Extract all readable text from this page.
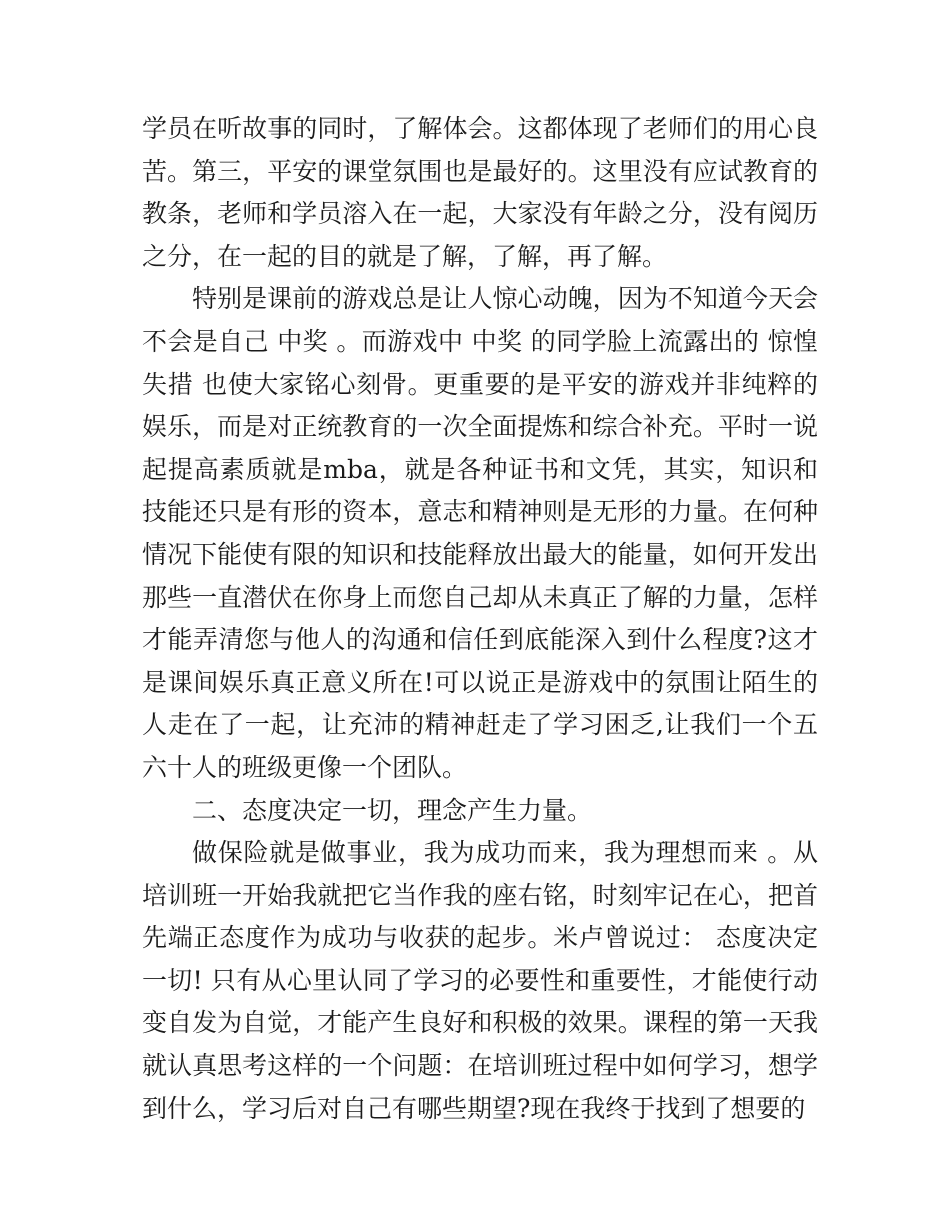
学员在听故事的同时，了解体会。这都体现了老师们的用心良苦。第三，平安的课堂氛围也是最好的。这里没有应试教育的教条，老师和学员溶入在一起，大家没有年龄之分，没有阅历之分，在一起的目的就是了解，了解，再了解。

特别是课前的游戏总是让人惊心动魄，因为不知道今天会不会是自己 中奖 。而游戏中 中奖 的同学脸上流露出的 惊惶失措 也使大家铭心刻骨。更重要的是平安的游戏并非纯粹的娱乐，而是对正统教育的一次全面提炼和综合补充。平时一说起提高素质就是mba，就是各种证书和文凭，其实，知识和技能还只是有形的资本，意志和精神则是无形的力量。在何种情况下能使有限的知识和技能释放出最大的能量，如何开发出那些一直潜伏在你身上而您自己却从未真正了解的力量，怎样才能弄清您与他人的沟通和信任到底能深入到什么程度?这才是课间娱乐真正意义所在!可以说正是游戏中的氛围让陌生的人走在了一起，让充沛的精神赶走了学习困乏,让我们一个五六十人的班级更像一个团队。

二、态度决定一切，理念产生力量。

做保险就是做事业，我为成功而来，我为理想而来 。从培训班一开始我就把它当作我的座右铭，时刻牢记在心，把首先端正态度作为成功与收获的起步。米卢曾说过： 态度决定一切! 只有从心里认同了学习的必要性和重要性，才能使行动变自发为自觉，才能产生良好和积极的效果。课程的第一天我就认真思考这样的一个问题：在培训班过程中如何学习，想学到什么，学习后对自己有哪些期望?现在我终于找到了想要的
